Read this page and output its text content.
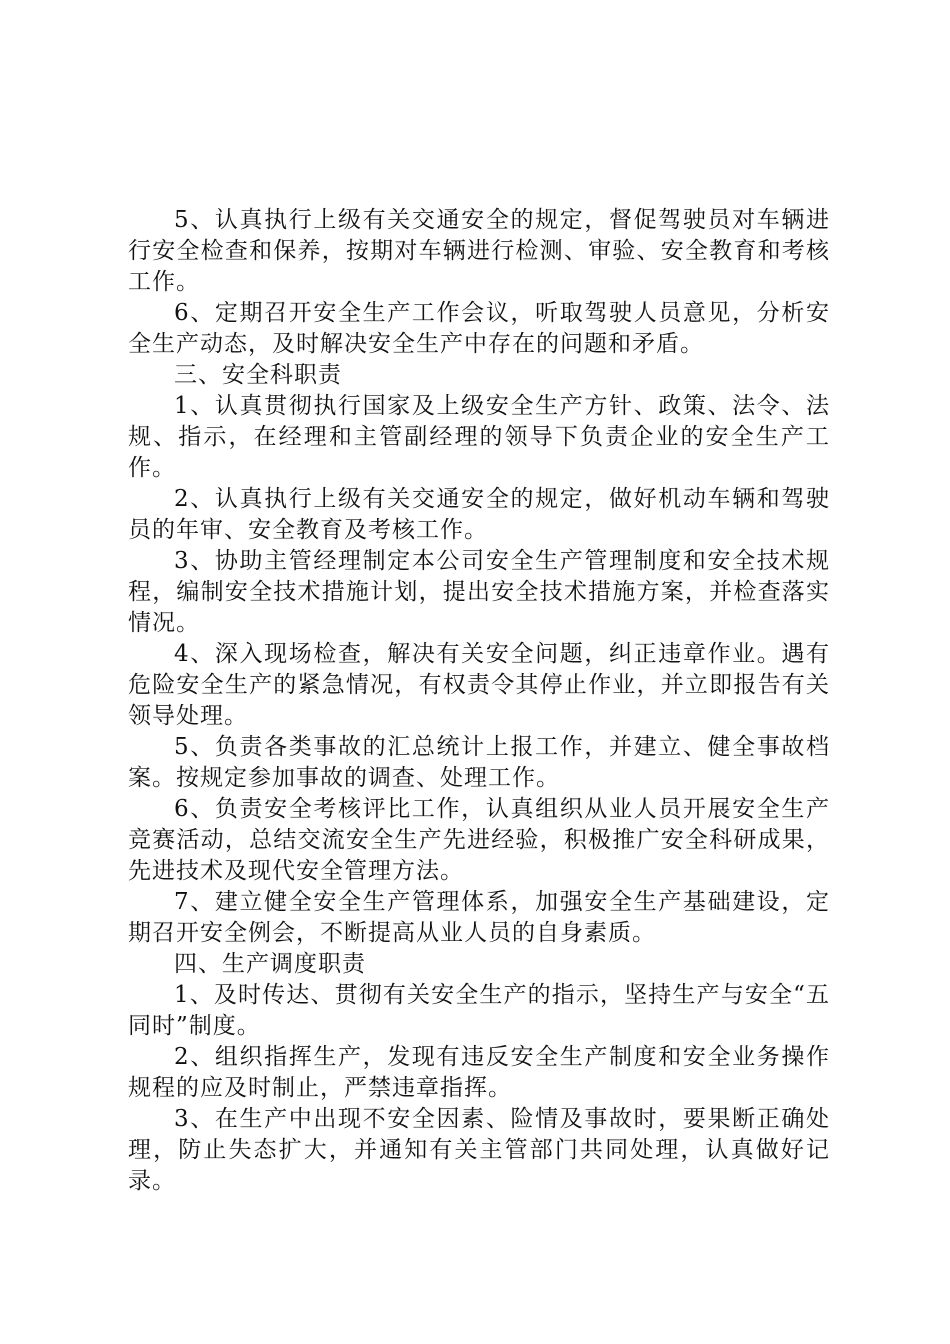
5、认真执行上级有关交通安全的规定，督促驾驶员对车辆进行安全检查和保养，按期对车辆进行检测、审验、安全教育和考核工作。

6、定期召开安全生产工作会议，听取驾驶人员意见，分析安全生产动态，及时解决安全生产中存在的问题和矛盾。

三、安全科职责

1、认真贯彻执行国家及上级安全生产方针、政策、法令、法规、指示，在经理和主管副经理的领导下负责企业的安全生产工作。

2、认真执行上级有关交通安全的规定，做好机动车辆和驾驶员的年审、安全教育及考核工作。

3、协助主管经理制定本公司安全生产管理制度和安全技术规程，编制安全技术措施计划，提出安全技术措施方案，并检查落实情况。

4、深入现场检查，解决有关安全问题，纠正违章作业。遇有危险安全生产的紧急情况，有权责令其停止作业，并立即报告有关领导处理。

5、负责各类事故的汇总统计上报工作，并建立、健全事故档案。按规定参加事故的调查、处理工作。

6、负责安全考核评比工作，认真组织从业人员开展安全生产竞赛活动，总结交流安全生产先进经验，积极推广安全科研成果，先进技术及现代安全管理方法。

7、建立健全安全生产管理体系，加强安全生产基础建设，定期召开安全例会，不断提高从业人员的自身素质。

四、生产调度职责

1、及时传达、贯彻有关安全生产的指示，坚持生产与安全“五同时”制度。

2、组织指挥生产，发现有违反安全生产制度和安全业务操作规程的应及时制止，严禁违章指挥。

3、在生产中出现不安全因素、险情及事故时，要果断正确处理，防止失态扩大，并通知有关主管部门共同处理，认真做好记录。
